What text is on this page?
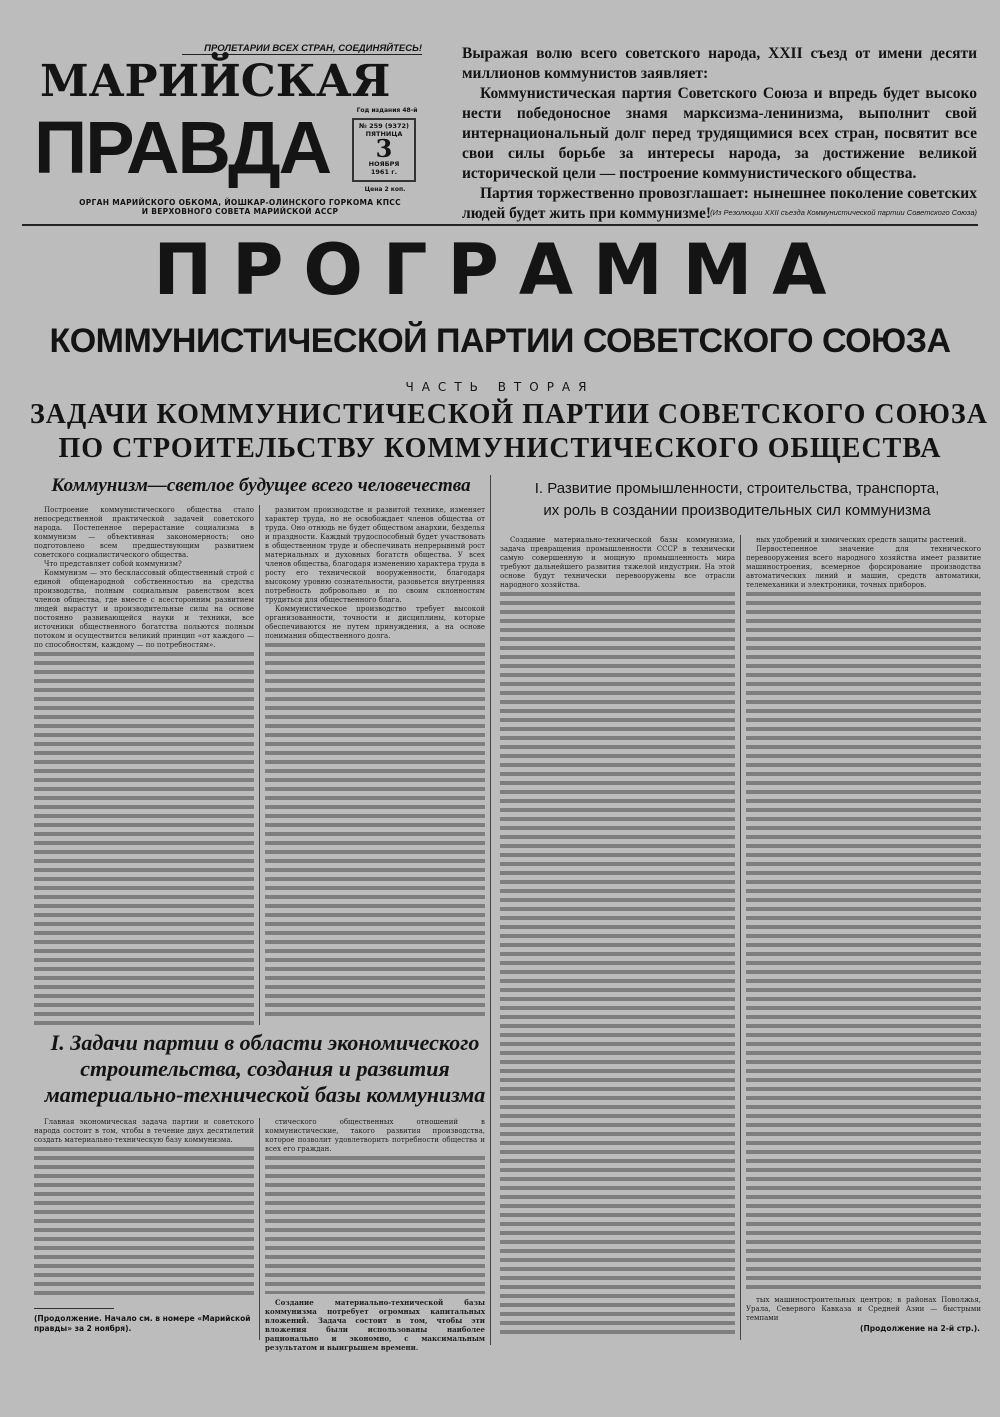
ПРОЛЕТАРИИ ВСЕХ СТРАН, СОЕДИНЯЙТЕСЬ!
МАРИЙСКАЯ
ПРАВДА	Год издания 48-й
№ 259 (9372)
ПЯТНИЦА
3
НОЯБРЯ
1961 г.
Цена 2 коп.
ОРГАН МАРИЙСКОГО ОБКОМА, ЙОШКАР-ОЛИНСКОГО ГОРКОМА КПСС
И ВЕРХОВНОГО СОВЕТА МАРИЙСКОЙ АССР

Выражая волю всего советского народа, XXII съезд от имени десяти миллионов коммунистов заявляет:

Коммунистическая партия Советского Союза и впредь будет высоко нести победоносное знамя марксизма-ленинизма, выполнит свой интернациональный долг перед трудящимися всех стран, посвятит все свои силы борьбе за интересы народа, за достижение великой исторической цели — построение коммунистического общества.

Партия торжественно провозглашает: нынешнее поколение советских людей будет жить при коммунизме! (Из Резолюции XXII съезда Коммунистической партии Советского Союза)
ПРОГРАММА
КОММУНИСТИЧЕСКОЙ ПАРТИИ СОВЕТСКОГО СОЮЗА
ЧАСТЬ ВТОРАЯ
ЗАДАЧИ КОММУНИСТИЧЕСКОЙ ПАРТИИ СОВЕТСКОГО СОЮЗА
ПО СТРОИТЕЛЬСТВУ КОММУНИСТИЧЕСКОГО ОБЩЕСТВА
Коммунизм—светлое будущее всего человечества

Построение коммунистического общества стало непосредственной практической задачей советского народа. Постепенное перерастание социализма в коммунизм — объективная закономерность; оно подготовлено всем предшествующим развитием советского социалистического общества.

Что представляет собой коммунизм?

Коммунизм — это бесклассовый общественный строй с единой общенародной собственностью на средства производства, полным социальным равенством всех членов общества, где вместе с всесторонним развитием людей вырастут и производительные силы на основе постоянно развивающейся науки и техники, все источники общественного богатства польются полным потоком и осуществится великий принцип «от каждого — по способностям, каждому — по потребностям».

развитом производстве и развитой технике, изменяет характер труда, но не освобождает членов общества от труда. Оно отнюдь не будет обществом анархии, безделья и праздности. Каждый трудоспособный будет участвовать в общественном труде и обеспечивать непрерывный рост материальных и духовных богатств общества. У всех членов общества, благодаря изменению характера труда в росту его технической вооруженности, благодаря высокому уровню сознательности, разовьется внутренняя потребность добровольно и по своим склонностям трудиться для общественного блага.

Коммунистическое производство требует высокой организованности, точности и дисциплины, которые обеспечиваются не путем принуждения, а на основе понимания общественного долга.

I. Задачи партии в области экономического
строительства, создания и развития
материально-технической базы коммунизма

Главная экономическая задача партии и советского народа состоит в том, чтобы в течение двух десятилетий создать материально-техническую базу коммунизма.

(Продолжение. Начало см. в номере «Марийской правды» за 2 ноября).

стического общественных отношений в коммунистические, такого развития производства, которое позволит удовлетворить потребности общества и всех его граждан.

Создание материально-технической базы коммунизма потребует огромных капитальных вложений. Задача состоит в том, чтобы эти вложения были использованы наиболее рационально и экономно, с максимальным результатом и выигрышем времени.

I. Развитие промышленности, строительства, транспорта,
их роль в создании производительных сил коммунизма

Создание материально-технической базы коммунизма, задача превращения промышленности СССР в технически самую совершенную и мощную промышленность мира требуют дальнейшего развития тяжелой индустрии. На этой основе будут технически перевооружены все отрасли народного хозяйства.

ных удобрений и химических средств защиты растений.

Первостепенное значение для технического перевооружения всего народного хозяйства имеет развитие машиностроения, всемерное форсирование производства автоматических линий и машин, средств автоматики, телемеханики и электроники, точных приборов.

тых машиностроительных центров; в районах Поволжья, Урала, Северного Кавказа и Средней Азии — быстрыми темпами

(Продолжение на 2-й стр.).
